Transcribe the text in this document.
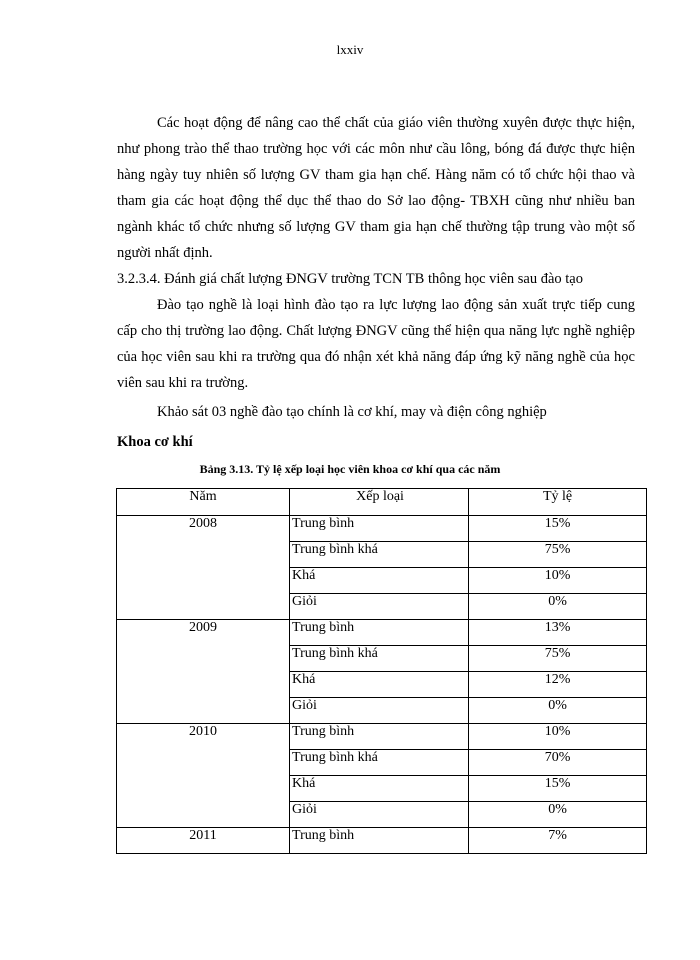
lxxiv

Các hoạt động để nâng cao thể chất của giáo viên thường xuyên được thực hiện, như phong trào thể thao trường học với các môn như cầu lông, bóng đá được thực hiện hàng ngày tuy nhiên số lượng GV tham gia hạn chế. Hàng năm có tổ chức hội thao và tham gia các hoạt động thể dục thể thao do Sở lao động- TBXH cũng như nhiều ban ngành khác tổ chức nhưng số lượng GV tham gia hạn chế thường tập trung vào một số người nhất định.

3.2.3.4. Đánh giá chất lượng ĐNGV trường TCN TB thông học viên sau đào tạo

Đào tạo nghề là loại hình đào tạo ra lực lượng lao động sản xuất trực tiếp cung cấp cho thị trường lao động. Chất lượng ĐNGV cũng thể hiện qua năng lực nghề nghiệp của học viên sau khi ra trường qua đó nhận xét khả năng đáp ứng kỹ năng nghề của học viên sau khi ra trường.

Khảo sát 03 nghề đào tạo chính là cơ khí, may và điện công nghiệp

Khoa cơ khí

Bảng 3.13. Tỷ lệ xếp loại học viên khoa cơ khí qua các năm
Năm	Xếp loại	Tỷ lệ
2008	Trung bình	15%
	Trung bình khá	75%
	Khá	10%
	Giỏi	0%
2009	Trung bình	13%
	Trung bình khá	75%
	Khá	12%
	Giỏi	0%
2010	Trung bình	10%
	Trung bình khá	70%
	Khá	15%
	Giỏi	0%
2011	Trung bình	7%
